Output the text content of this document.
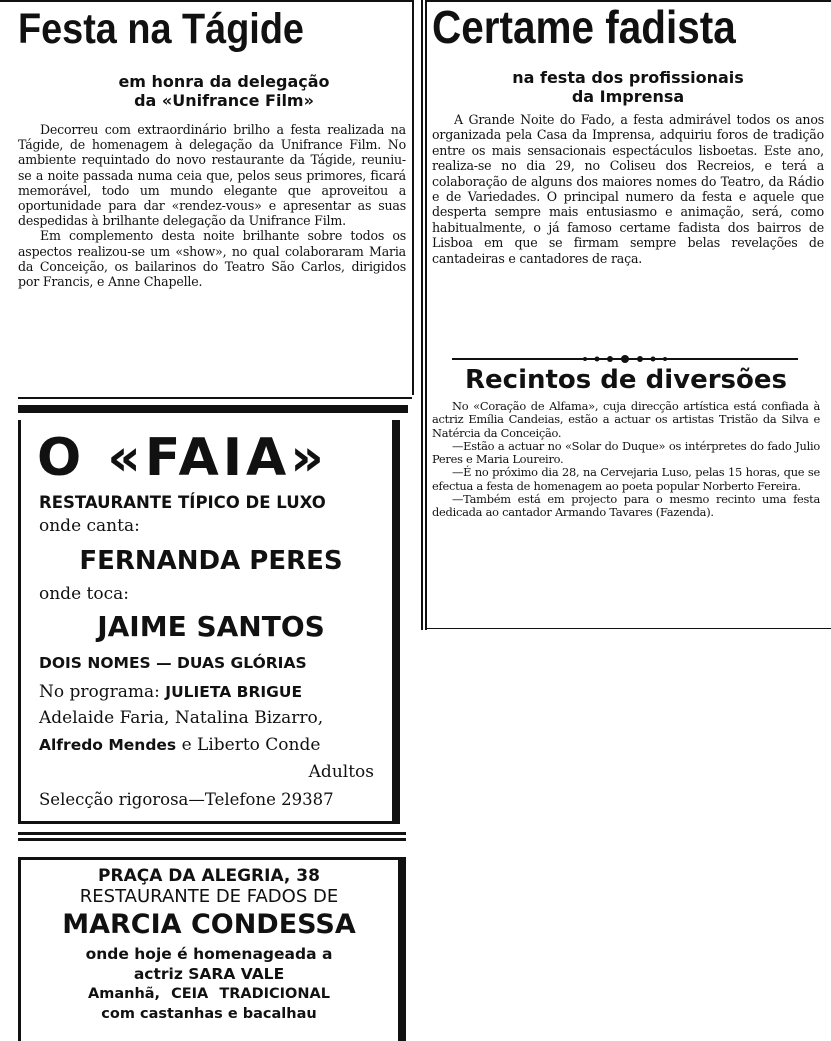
Festa na Tágide
em honra da delegação
da «Unifrance Film»

Decorreu com extraordinário brilho a festa realizada na Tágide, de homenagem à delegação da Unifrance Film. No ambiente requintado do novo restaurante da Tágide, reuniu-se a noite passada numa ceia que, pelos seus primores, ficará memorável, todo um mundo elegante que aproveitou a oportunidade para dar «rendez-vous» e apresentar as suas despedidas à brilhante delegação da Unifrance Film.

Em complemento desta noite brilhante sobre todos os aspectos realizou-se um «show», no qual colaboraram Maria da Conceição, os bailarinos do Teatro São Carlos, dirigidos por Francis, e Anne Chapelle.

O «FAIA»
RESTAURANTE TÍPICO DE LUXO
onde canta:
FERNANDA PERES
onde toca:
JAIME SANTOS
DOIS NOMES — DUAS GLÓRIAS
No programa: JULIETA BRIGUE
Adelaide Faria, Natalina Bizarro,
Alfredo Mendes e Liberto Conde
Adultos
Selecção rigorosa—Telefone 29387
PRAÇA DA ALEGRIA, 38
RESTAURANTE DE FADOS DE
MARCIA CONDESSA
onde hoje é homenageada a
actriz SARA VALE
Amanhã, CEIA TRADICIONAL
com castanhas e bacalhau
Certame fadista
na festa dos profissionais
da Imprensa

A Grande Noite do Fado, a festa admirável todos os anos organizada pela Casa da Imprensa, adquiriu foros de tradição entre os mais sensacionais espectáculos lisboetas. Este ano, realiza-se no dia 29, no Coliseu dos Recreios, e terá a colaboração de alguns dos maiores nomes do Teatro, da Rádio e de Variedades. O principal numero da festa e aquele que desperta sempre mais entusiasmo e animação, será, como habitualmente, o já famoso certame fadista dos bairros de Lisboa em que se firmam sempre belas revelações de cantadeiras e cantadores de raça.

Recintos de diversões

No «Coração de Alfama», cuja direcção artística está confiada à actriz Emília Candeias, estão a actuar os artistas Tristão da Silva e Natércia da Conceição.

—Estão a actuar no «Solar do Duque» os intérpretes do fado Julio Peres e Maria Loureiro.

—É no próximo dia 28, na Cervejaria Luso, pelas 15 horas, que se efectua a festa de homenagem ao poeta popular Norberto Fereira.

—Também está em projecto para o mesmo recinto uma festa dedicada ao cantador Armando Tavares (Fazenda).
